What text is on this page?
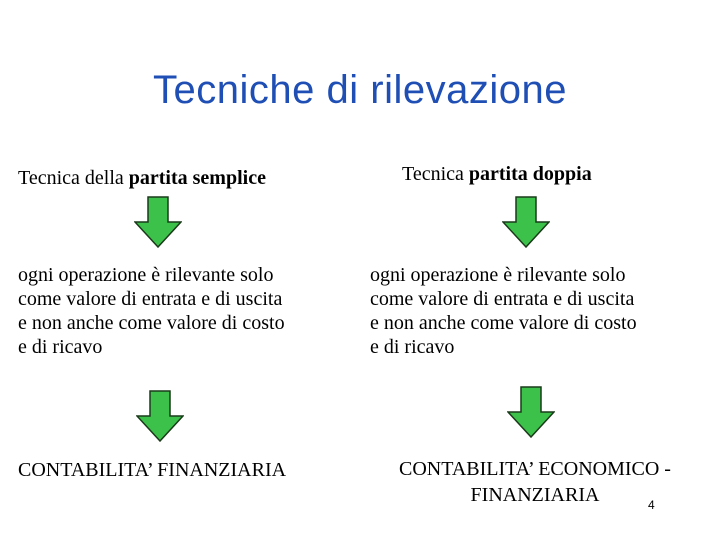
Tecniche di rilevazione
Tecnica della partita semplice
ogni operazione è rilevante solo
come valore di entrata e di uscita
e non anche come valore di costo
e di ricavo
CONTABILITA’ FINANZIARIA
Tecnica partita doppia
ogni operazione è rilevante solo
come valore di entrata e di uscita
e non anche come valore di costo
e di ricavo
CONTABILITA’ ECONOMICO -
FINANZIARIA	4
